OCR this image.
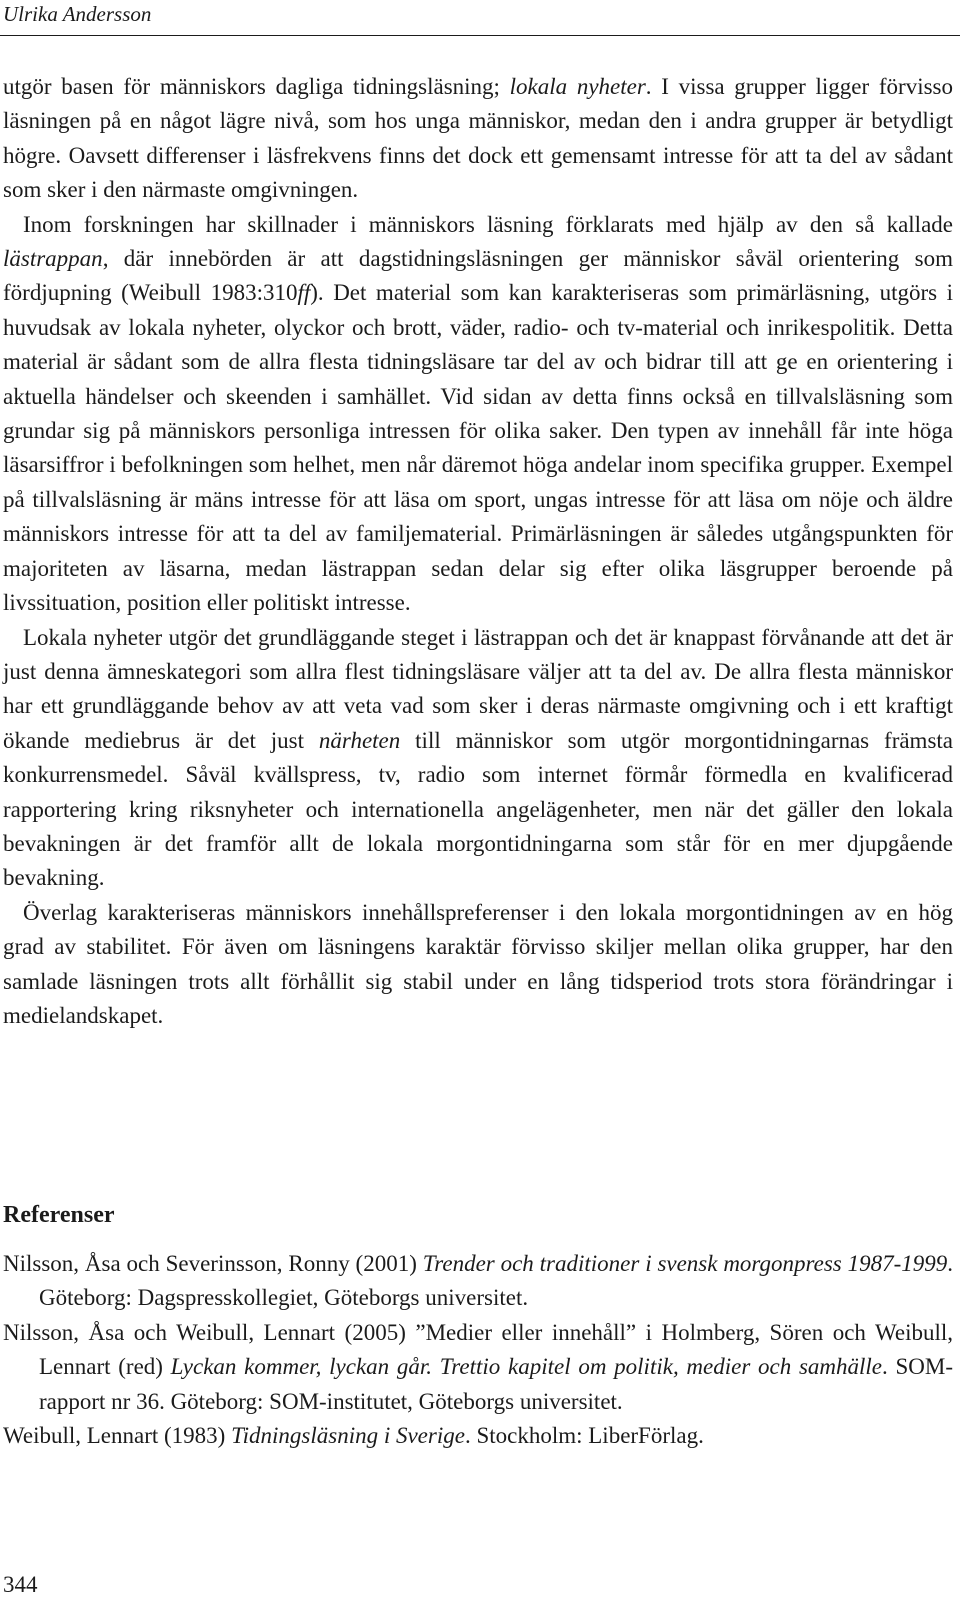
Ulrika Andersson

utgör basen för människors dagliga tidningsläsning; lokala nyheter. I vissa grupper ligger förvisso läsningen på en något lägre nivå, som hos unga människor, medan den i andra grupper är betydligt högre. Oavsett differenser i läsfrekvens finns det dock ett gemensamt intresse för att ta del av sådant som sker i den närmaste omgivningen.

Inom forskningen har skillnader i människors läsning förklarats med hjälp av den så kallade lästrappan, där innebörden är att dagstidningsläsningen ger människor såväl orientering som fördjupning (Weibull 1983:310ff). Det material som kan karakteriseras som primärläsning, utgörs i huvudsak av lokala nyheter, olyckor och brott, väder, radio- och tv-material och inrikespolitik. Detta material är sådant som de allra flesta tidningsläsare tar del av och bidrar till att ge en orientering i aktuella händelser och skeenden i samhället. Vid sidan av detta finns också en tillvalsläsning som grundar sig på människors personliga intressen för olika saker. Den typen av innehåll får inte höga läsarsiffror i befolkningen som helhet, men når däremot höga andelar inom specifika grupper. Exempel på tillvalsläsning är mäns intresse för att läsa om sport, ungas intresse för att läsa om nöje och äldre människors intresse för att ta del av familjematerial. Primärläsningen är således utgångspunkten för majoriteten av läsarna, medan lästrappan sedan delar sig efter olika läsgrupper beroende på livssituation, position eller politiskt intresse.

Lokala nyheter utgör det grundläggande steget i lästrappan och det är knappast förvånande att det är just denna ämneskategori som allra flest tidningsläsare väljer att ta del av. De allra flesta människor har ett grundläggande behov av att veta vad som sker i deras närmaste omgivning och i ett kraftigt ökande mediebrus är det just närheten till människor som utgör morgontidningarnas främsta konkurrensmedel. Såväl kvällspress, tv, radio som internet förmår förmedla en kvalificerad rapportering kring riksnyheter och internationella angelägenheter, men när det gäller den lokala bevakningen är det framför allt de lokala morgontidningarna som står för en mer djupgående bevakning.

Överlag karakteriseras människors innehållspreferenser i den lokala morgontidningen av en hög grad av stabilitet. För även om läsningens karaktär förvisso skiljer mellan olika grupper, har den samlade läsningen trots allt förhållit sig stabil under en lång tidsperiod trots stora förändringar i medielandskapet.

Referenser
Nilsson, Åsa och Severinsson, Ronny (2001) Trender och traditioner i svensk morgonpress 1987-1999. Göteborg: Dagspresskollegiet, Göteborgs universitet.
Nilsson, Åsa och Weibull, Lennart (2005) ”Medier eller innehåll” i Holmberg, Sören och Weibull, Lennart (red) Lyckan kommer, lyckan går. Trettio kapitel om politik, medier och samhälle. SOM-rapport nr 36. Göteborg: SOM-institutet, Göteborgs universitet.
Weibull, Lennart (1983) Tidningsläsning i Sverige. Stockholm: LiberFörlag.
344
